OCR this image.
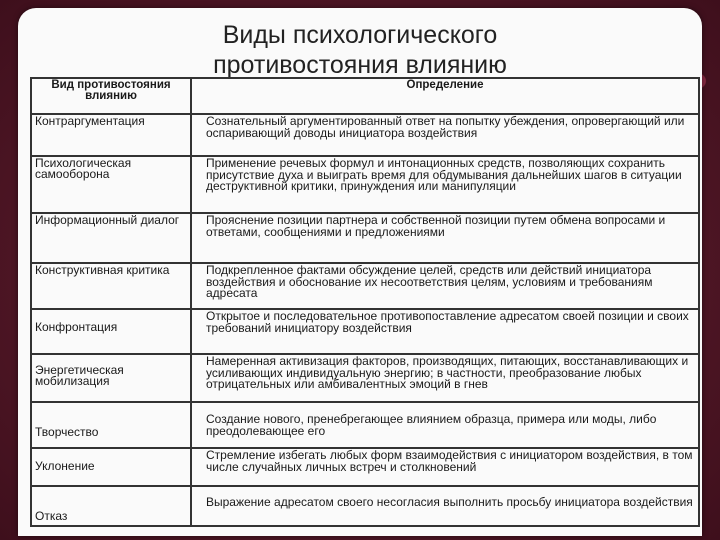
Виды психологического
противостояния влиянию
Вид противостояния влиянию	Определение
Контраргументация	Сознательный аргументированный ответ на попытку убеждения, опровергающий или оспаривающий доводы инициатора воздействия
Психологическая самооборона	Применение речевых формул и интонационных средств, позволяющих сохранить присутствие духа и выиграть время для обдумывания дальнейших шагов в ситуации деструктивной критики, принуждения или манипуляции
Информационный диалог	Прояснение позиции партнера и собственной позиции путем обмена вопросами и ответами, сообщениями и предложениями
Конструктивная критика	Подкрепленное фактами обсуждение целей, средств или действий инициатора воздействия и обоснование их несоответствия целям, условиям и требованиям адресата
Конфронтация	Открытое и последовательное противопоставление адресатом своей позиции и своих требований инициатору воздействия
Энергетическая мобилизация	Намеренная активизация факторов, производящих, питающих, восстанавливающих и усиливающих индивидуальную энергию; в частности, преобразование любых отрицательных или амбивалентных эмоций в гнев
Творчество	Создание нового, пренебрегающее влиянием образца, примера или моды, либо преодолевающее его
Уклонение	Стремление избегать любых форм взаимодействия с инициатором воздействия, в том числе случайных личных встреч и столкновений
Отказ	Выражение адресатом своего несогласия выполнить просьбу инициатора воздействия
